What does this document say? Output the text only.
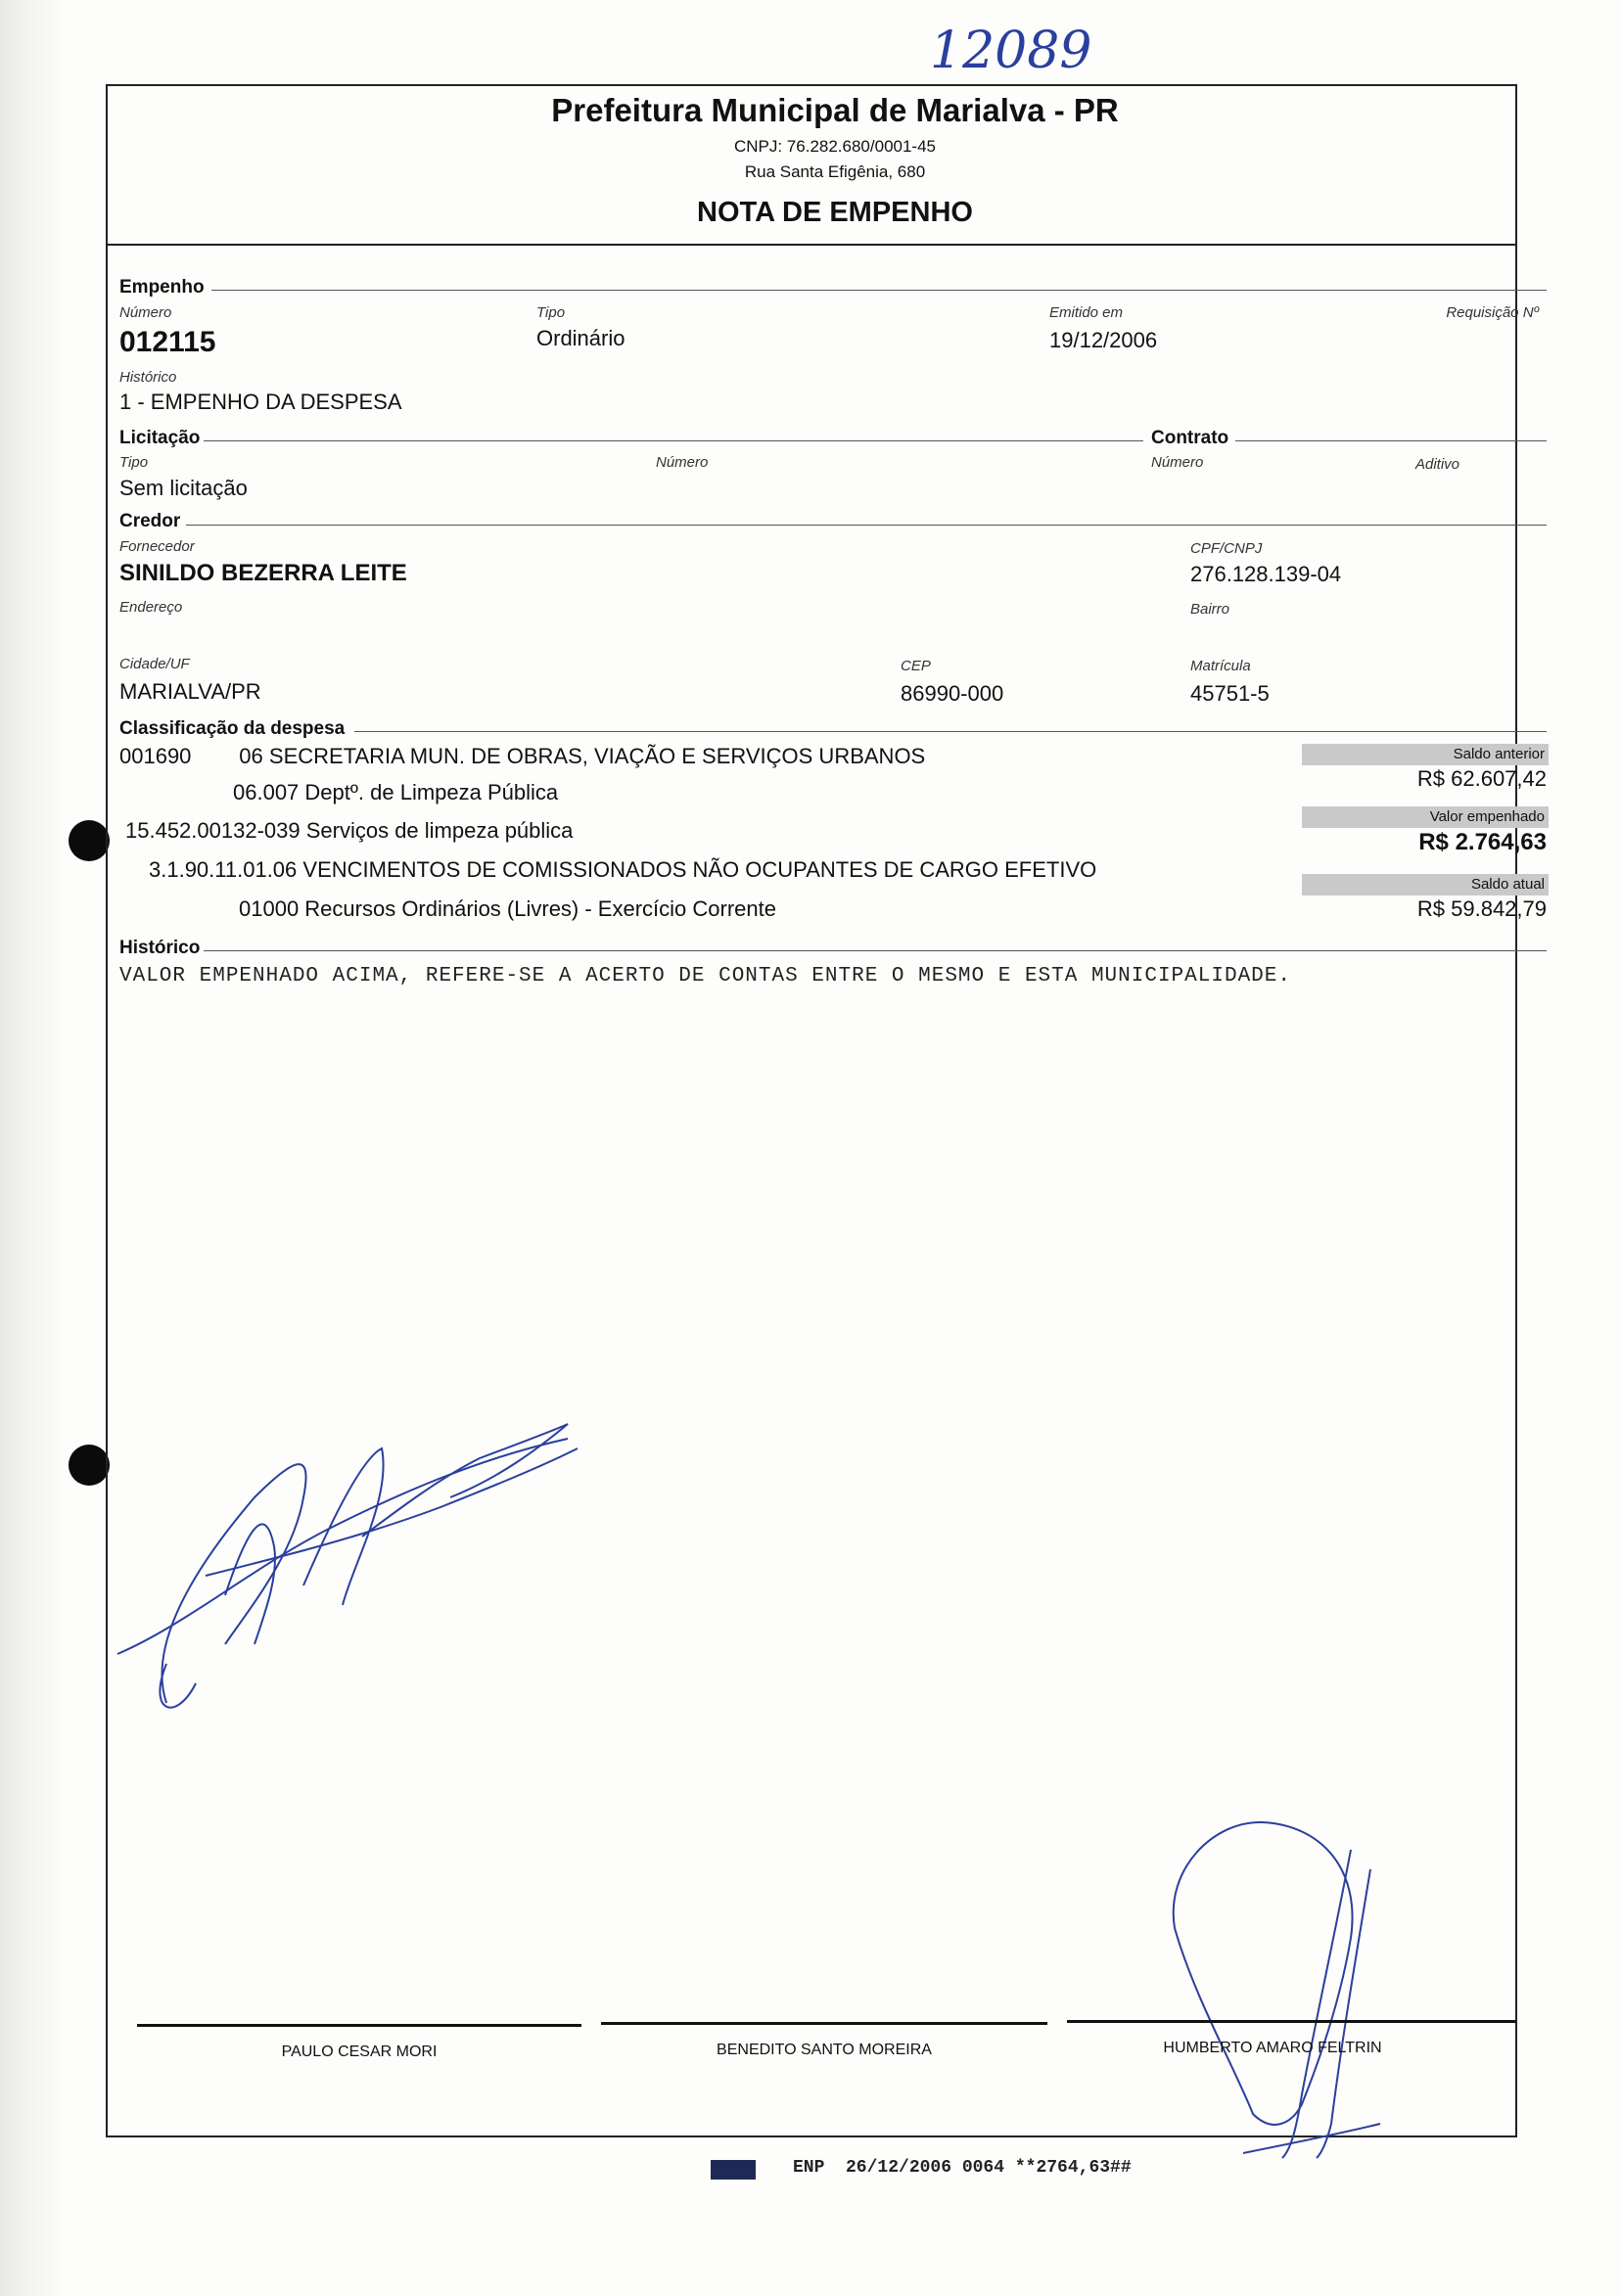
12089
Prefeitura Municipal de Marialva - PR
CNPJ: 76.282.680/0001-45
Rua Santa Efigênia, 680
NOTA DE EMPENHO
Empenho
Número
012115
Tipo
Ordinário
Emitido em
19/12/2006
Requisição Nº
Histórico
1 - EMPENHO DA DESPESA
Licitação	Contrato
Tipo
Sem licitação
Número	Número	Aditivo
Credor
Fornecedor
SINILDO BEZERRA LEITE
CPF/CNPJ
276.128.139-04
Endereço	Bairro
Cidade/UF
MARIALVA/PR
CEP
86990-000
Matrícula
45751-5
Classificação da despesa
001690        06 SECRETARIA MUN. DE OBRAS, VIAÇÃO E SERVIÇOS URBANOS
06.007 Deptº. de Limpeza Pública
15.452.00132-039 Serviços de limpeza pública
3.1.90.11.01.06 VENCIMENTOS DE COMISSIONADOS NÃO OCUPANTES DE CARGO EFETIVO
01000 Recursos Ordinários (Livres) - Exercício Corrente
Saldo anterior
R$ 62.607,42
Valor empenhado
R$ 2.764,63
Saldo atual
R$ 59.842,79
Histórico
VALOR EMPENHADO ACIMA, REFERE-SE A ACERTO DE CONTAS ENTRE O MESMO E ESTA MUNICIPALIDADE.
PAULO CESAR MORI	BENEDITO SANTO MOREIRA	HUMBERTO AMARO FELTRIN
ENP  26/12/2006 0064 **2764,63##
